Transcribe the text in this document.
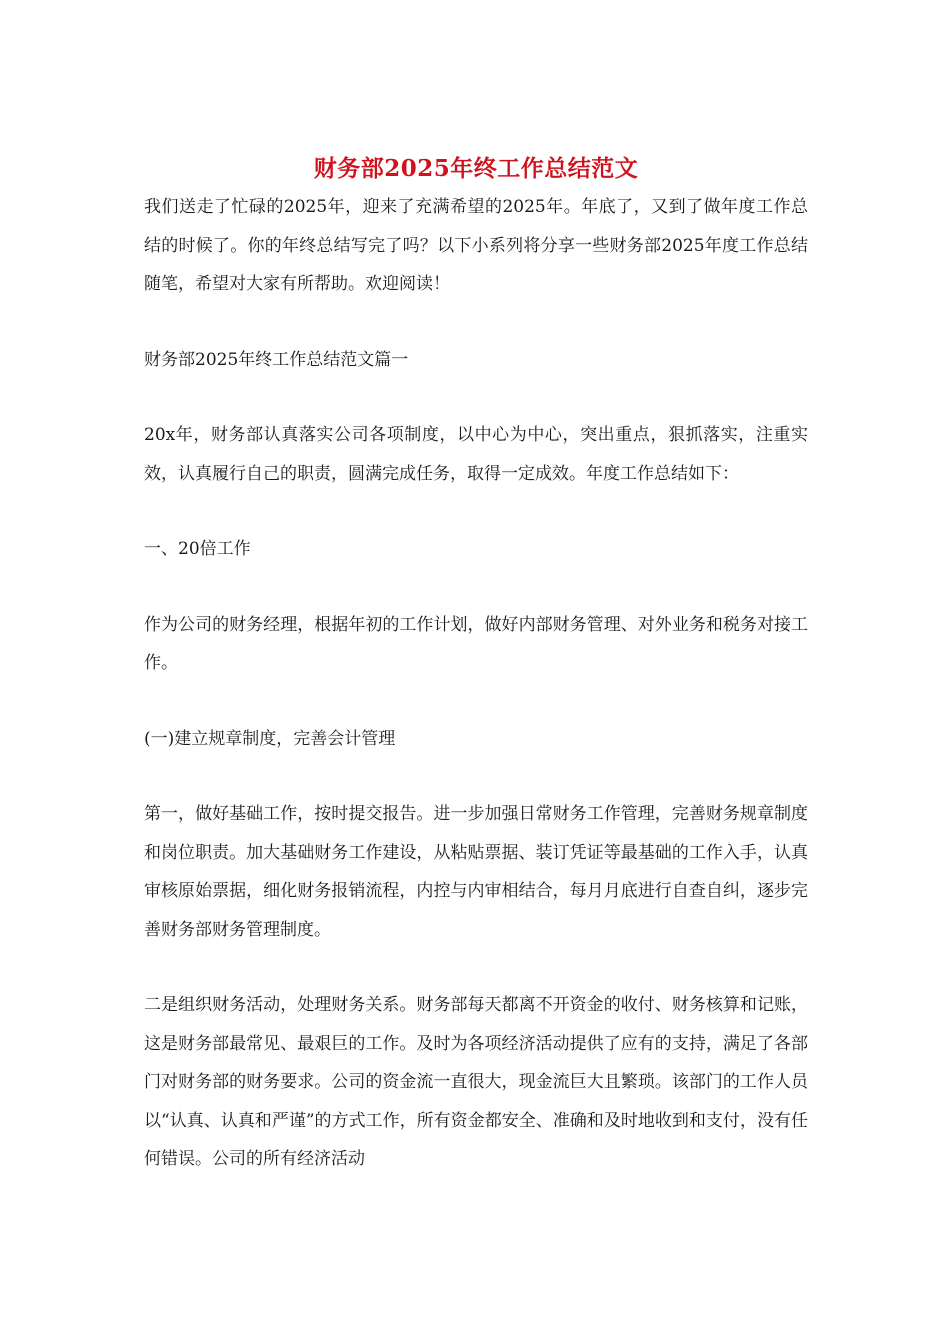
财务部2025年终工作总结范文

我们送走了忙碌的2025年，迎来了充满希望的2025年。年底了，又到了做年度工作总结的时候了。你的年终总结写完了吗？以下小系列将分享一些财务部2025年度工作总结随笔，希望对大家有所帮助。欢迎阅读！

财务部2025年终工作总结范文篇一

20x年，财务部认真落实公司各项制度，以中心为中心，突出重点，狠抓落实，注重实效，认真履行自己的职责，圆满完成任务，取得一定成效。年度工作总结如下：

一、20倍工作

作为公司的财务经理，根据年初的工作计划，做好内部财务管理、对外业务和税务对接工作。

(一)建立规章制度，完善会计管理

第一，做好基础工作，按时提交报告。进一步加强日常财务工作管理，完善财务规章制度和岗位职责。加大基础财务工作建设，从粘贴票据、装订凭证等最基础的工作入手，认真审核原始票据，细化财务报销流程，内控与内审相结合，每月月底进行自查自纠，逐步完善财务部财务管理制度。

二是组织财务活动，处理财务关系。财务部每天都离不开资金的收付、财务核算和记账，这是财务部最常见、最艰巨的工作。及时为各项经济活动提供了应有的支持，满足了各部门对财务部的财务要求。公司的资金流一直很大，现金流巨大且繁琐。该部门的工作人员以“认真、认真和严谨”的方式工作，所有资金都安全、准确和及时地收到和支付，没有任何错误。公司的所有经济活动
